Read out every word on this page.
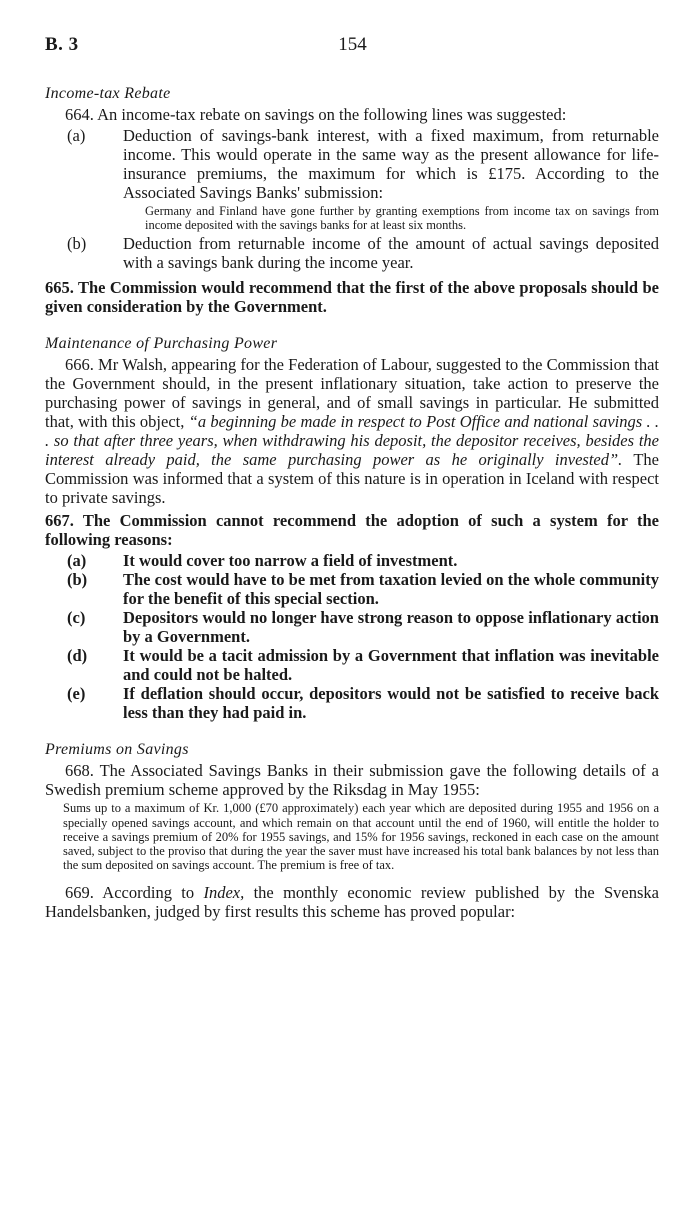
154
B. 3

Income-tax Rebate

664. An income-tax rebate on savings on the following lines was suggested:

(a) Deduction of savings-bank interest, with a fixed maximum, from returnable income. This would operate in the same way as the present allowance for life-insurance premiums, the maximum for which is £175. According to the Associated Savings Banks' submission:

Germany and Finland have gone further by granting exemptions from income tax on savings from income deposited with the savings banks for at least six months.

(b) Deduction from returnable income of the amount of actual savings deposited with a savings bank during the income year.

665. The Commission would recommend that the first of the above proposals should be given consideration by the Government.

Maintenance of Purchasing Power

666. Mr Walsh, appearing for the Federation of Labour, suggested to the Commission that the Government should, in the present inflationary situation, take action to preserve the purchasing power of savings in general, and of small savings in particular. He submitted that, with this object, “a beginning be made in respect to Post Office and national savings . . . so that after three years, when withdrawing his deposit, the depositor receives, besides the interest already paid, the same purchasing power as he originally invested”. The Commission was informed that a system of this nature is in operation in Iceland with respect to private savings.

667. The Commission cannot recommend the adoption of such a system for the following reasons:

(a) It would cover too narrow a field of investment.
(b) The cost would have to be met from taxation levied on the whole community for the benefit of this special section.
(c) Depositors would no longer have strong reason to oppose inflationary action by a Government.
(d) It would be a tacit admission by a Government that inflation was inevitable and could not be halted.
(e) If deflation should occur, depositors would not be satisfied to receive back less than they had paid in.

Premiums on Savings

668. The Associated Savings Banks in their submission gave the following details of a Swedish premium scheme approved by the Riksdag in May 1955:

Sums up to a maximum of Kr. 1,000 (£70 approximately) each year which are deposited during 1955 and 1956 on a specially opened savings account, and which remain on that account until the end of 1960, will entitle the holder to receive a savings premium of 20% for 1955 savings, and 15% for 1956 savings, reckoned in each case on the amount saved, subject to the proviso that during the year the saver must have increased his total bank balances by not less than the sum deposited on savings account. The premium is free of tax.

669. According to Index, the monthly economic review published by the Svenska Handelsbanken, judged by first results this scheme has proved popular:
